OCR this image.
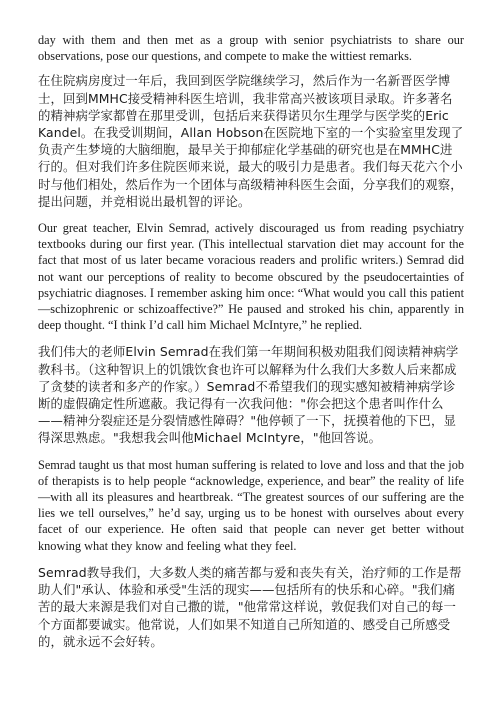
day with them and then met as a group with senior psychiatrists to share our observations, pose our questions, and compete to make the wittiest remarks.

在住院病房度过一年后，我回到医学院继续学习，然后作为一名新晋医学博士，回到MMHC接受精神科医生培训，我非常高兴被该项目录取。许多著名的精神病学家都曾在那里受训，包括后来获得诺贝尔生理学与医学奖的Eric Kandel。在我受训期间，Allan Hobson在医院地下室的一个实验室里发现了负责产生梦境的大脑细胞，最早关于抑郁症化学基础的研究也是在MMHC进行的。但对我们许多住院医师来说，最大的吸引力是患者。我们每天花六个小时与他们相处，然后作为一个团体与高级精神科医生会面，分享我们的观察，提出问题，并竞相说出最机智的评论。

Our great teacher, Elvin Semrad, actively discouraged us from reading psychiatry textbooks during our first year. (This intellectual starvation diet may account for the fact that most of us later became voracious readers and prolific writers.) Semrad did not want our perceptions of reality to become obscured by the pseudocertainties of psychiatric diagnoses. I remember asking him once: “What would you call this patient—schizophrenic or schizoaffective?” He paused and stroked his chin, apparently in deep thought. “I think I’d call him Michael McIntyre,” he replied.

我们伟大的老师Elvin Semrad在我们第一年期间积极劝阻我们阅读精神病学教科书。（这种智识上的饥饿饮食也许可以解释为什么我们大多数人后来都成了贪婪的读者和多产的作家。）Semrad不希望我们的现实感知被精神病学诊断的虚假确定性所遮蔽。我记得有一次我问他："你会把这个患者叫作什么——精神分裂症还是分裂情感性障碍？"他停顿了一下，抚摸着他的下巴，显得深思熟虑。"我想我会叫他Michael McIntyre，"他回答说。

Semrad taught us that most human suffering is related to love and loss and that the job of therapists is to help people “acknowledge, experience, and bear” the reality of life—with all its pleasures and heartbreak. “The greatest sources of our suffering are the lies we tell ourselves,” he’d say, urging us to be honest with ourselves about every facet of our experience. He often said that people can never get better without knowing what they know and feeling what they feel.

Semrad教导我们，大多数人类的痛苦都与爱和丧失有关，治疗师的工作是帮助人们"承认、体验和承受"生活的现实——包括所有的快乐和心碎。"我们痛苦的最大来源是我们对自己撒的谎，"他常常这样说，敦促我们对自己的每一个方面都要诚实。他常说，人们如果不知道自己所知道的、感受自己所感受的，就永远不会好转。
